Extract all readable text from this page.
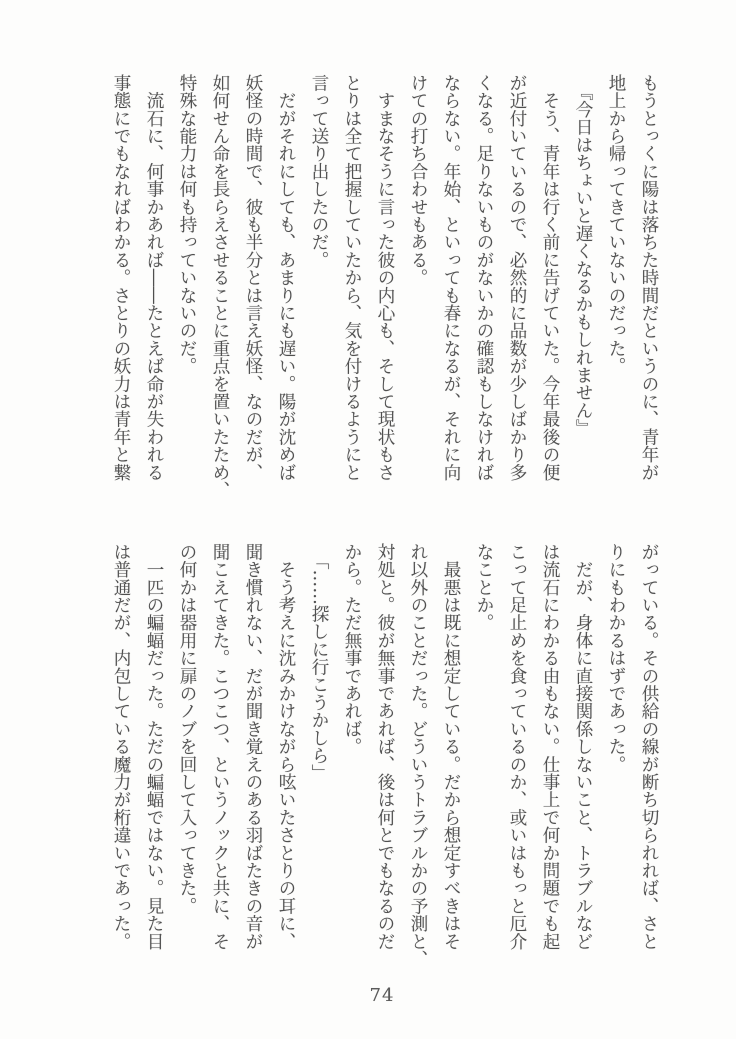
もうとっくに陽は落ちた時間だというのに、青年が
地上から帰ってきていないのだった。
　『今日はちょいと遅くなるかもしれません』
　そう、青年は行く前に告げていた。今年最後の便
が近付いているので、必然的に品数が少しばかり多
くなる。足りないものがないかの確認もしなければ
ならない。年始、といっても春になるが、それに向
けての打ち合わせもある。
　すまなそうに言った彼の内心も、そして現状もさ
とりは全て把握していたから、気を付けるようにと
言って送り出したのだ。
　だがそれにしても、あまりにも遅い。陽が沈めば
妖怪の時間で、彼も半分とは言え妖怪、なのだが、
如何せん命を長らえさせることに重点を置いたため、
特殊な能力は何も持っていないのだ。
　流石に、何事かあれば――たとえば命が失われる
事態にでもなればわかる。さとりの妖力は青年と繋
がっている。その供給の線が断ち切られれば、さと
りにもわかるはずであった。
　だが、身体に直接関係しないこと、トラブルなど
は流石にわかる由もない。仕事上で何か問題でも起
こって足止めを食っているのか、或いはもっと厄介
なことか。
　最悪は既に想定している。だから想定すべきはそ
れ以外のことだった。どういうトラブルかの予測と、
対処と。彼が無事であれば、後は何とでもなるのだ
から。ただ無事であれば。
　「……探しに行こうかしら」
　そう考えに沈みかけながら呟いたさとりの耳に、
聞き慣れない、だが聞き覚えのある羽ばたきの音が
聞こえてきた。こつこつ、というノックと共に、そ
の何かは器用に扉のノブを回して入ってきた。
　一匹の蝙蝠だった。ただの蝙蝠ではない。見た目
は普通だが、内包している魔力が桁違いであった。
74
